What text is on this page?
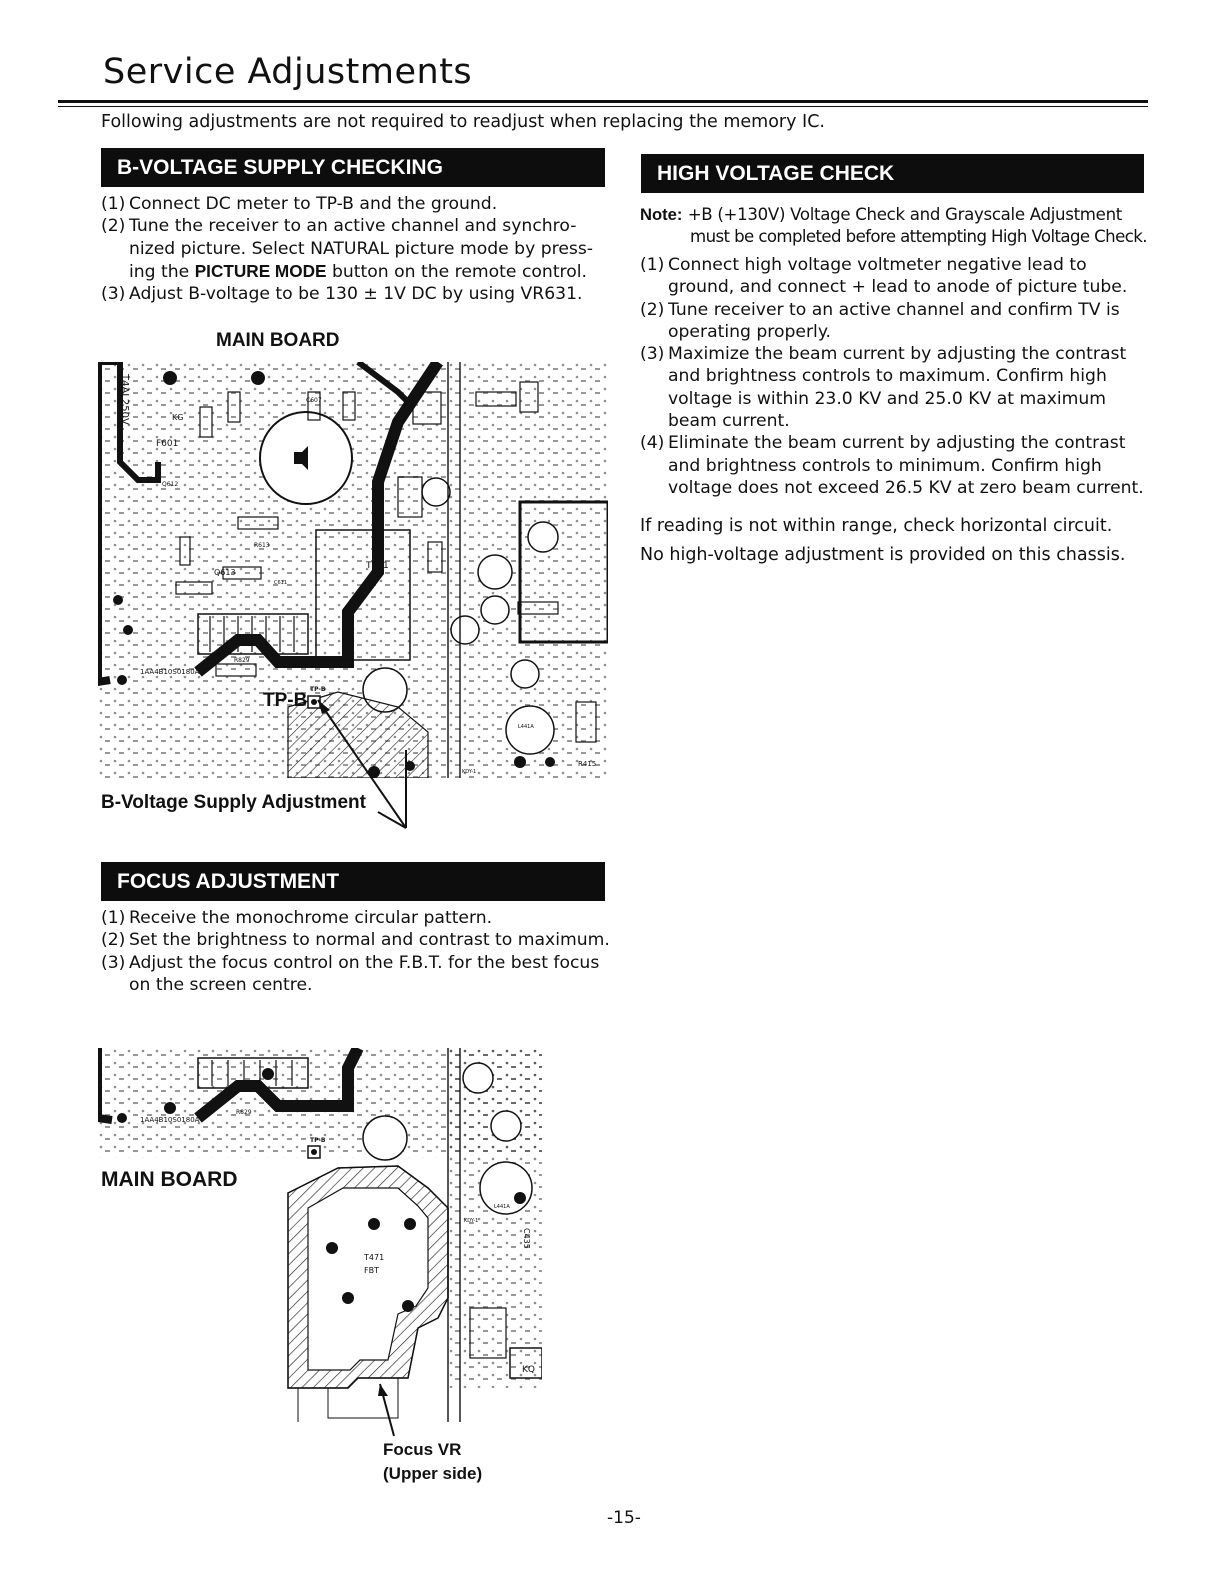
Service Adjustments
Following adjustments are not required to readjust when replacing the memory IC.
B-VOLTAGE SUPPLY CHECKING
(1) Connect DC meter to TP-B and the ground.
(2) Tune the receiver to an active channel and synchro-nized picture. Select NATURAL picture mode by press-ing the PICTURE MODE button on the remote control.
(3) Adjust B-voltage to be 130 ± 1V DC by using VR631.
MAIN BOARD
F601
KG
T4AL250V
TP-B
Q612
R613
Q613
C607
T611
R415
KDY-1
1AA4B10S0180A
L441A
R829
C611
TP-B
B-Voltage Supply Adjustment
FOCUS ADJUSTMENT
(1) Receive the monochrome circular pattern.
(2) Set the brightness to normal and contrast to maximum.
(3) Adjust the focus control on the F.B.T. for the best focus on the screen centre.
T471
FBT
TP-B
1AA4B10S0180A
KQ
C435
L441A
KDY-1
R829
MAIN BOARD
Focus VR
(Upper side)
HIGH VOLTAGE CHECK
Note: +B (+130V) Voltage Check and Grayscale Adjustment
must be completed before attempting High Voltage Check.
(1) Connect high voltage voltmeter negative lead to ground, and connect + lead to anode of picture tube.
(2) Tune receiver to an active channel and confirm TV is operating properly.
(3) Maximize the beam current by adjusting the contrast and brightness controls to maximum. Confirm high voltage is within 23.0 KV and 25.0 KV at maximum beam current.
(4) Eliminate the beam current by adjusting the contrast and brightness controls to minimum. Confirm high voltage does not exceed 26.5 KV at zero beam current.
If reading is not within range, check horizontal circuit.
No high-voltage adjustment is provided on this chassis.
-15-
